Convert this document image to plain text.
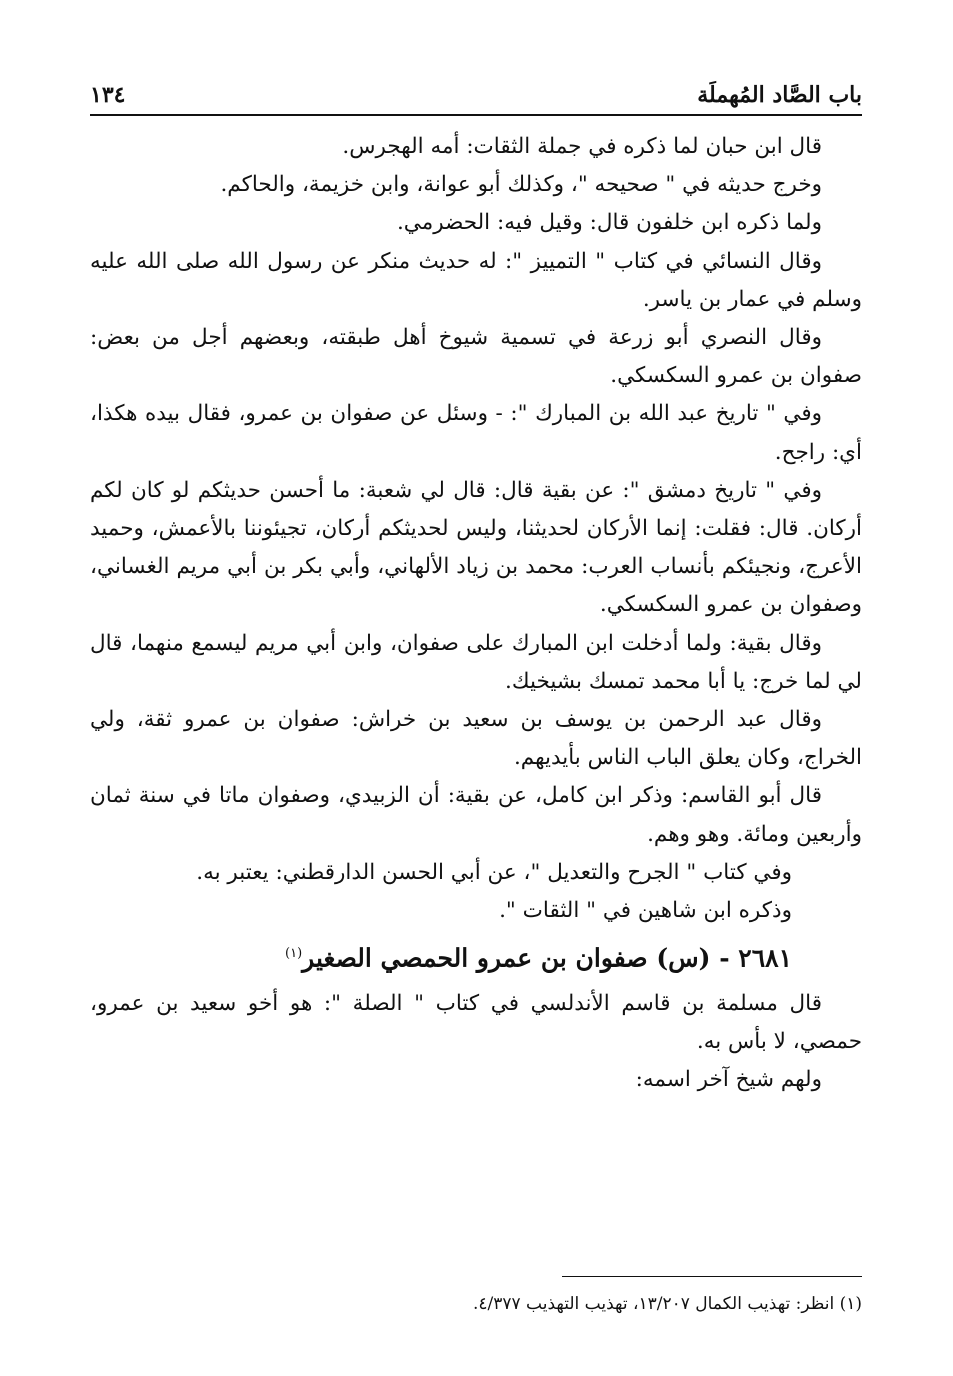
باب الصَّاد المُهملَة
١٣٤

قال ابن حبان لما ذكره في جملة الثقات: أمه الهجرس.

وخرج حديثه في " صحيحه "، وكذلك أبو عوانة، وابن خزيمة، والحاكم.

ولما ذكره ابن خلفون قال: وقيل فيه: الحضرمي.

وقال النسائي في كتاب " التمييز ": له حديث منكر عن رسول الله صلى الله عليه وسلم في عمار بن ياسر.

وقال النصري أبو زرعة في تسمية شيوخ أهل طبقته، وبعضهم أجل من بعض: صفوان بن عمرو السكسكي.

وفي " تاريخ عبد الله بن المبارك ": - وسئل عن صفوان بن عمرو، فقال بيده هكذا، أي: راجح.

وفي " تاريخ دمشق ": عن بقية قال: قال لي شعبة: ما أحسن حديثكم لو كان لكم أركان. قال: فقلت: إنما الأركان لحديثنا، وليس لحديثكم أركان، تجيئوننا بالأعمش، وحميد الأعرج، ونجيئكم بأنساب العرب: محمد بن زياد الألهاني، وأبي بكر بن أبي مريم الغساني، وصفوان بن عمرو السكسكي.

وقال بقية: ولما أدخلت ابن المبارك على صفوان، وابن أبي مريم ليسمع منهما، قال لي لما خرج: يا أبا محمد تمسك بشيخيك.

وقال عبد الرحمن بن يوسف بن سعيد بن خراش: صفوان بن عمرو ثقة، ولي الخراج، وكان يعلق الباب الناس بأيديهم.

قال أبو القاسم: وذكر ابن كامل، عن بقية: أن الزبيدي، وصفوان ماتا في سنة ثمان وأربعين ومائة. وهو وهم.

وفي كتاب " الجرح والتعديل "، عن أبي الحسن الدارقطني: يعتبر به.

وذكره ابن شاهين في " الثقات ".

٢٦٨١ - (س) صفوان بن عمرو الحمصي الصغير$^{(١)}$

قال مسلمة بن قاسم الأندلسي في كتاب " الصلة ": هو أخو سعيد بن عمرو، حمصي، لا بأس به.

ولهم شيخ آخر اسمه:

(١) انظر: تهذيب الكمال ١٣/٢٠٧، تهذيب التهذيب ٤/٣٧٧.
